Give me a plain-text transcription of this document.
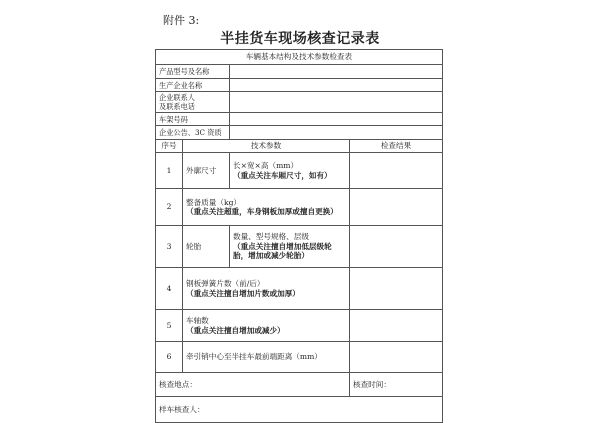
附件 3:
半挂货车现场核查记录表
车辆基本结构及技术参数检查表			
产品型号及名称			
生产企业名称			

企业联系人
及联系电话			

车架号码			
企业公告、3C 资质			
序号	技术参数		检查结果
1	外廓尺寸	长×宽×高（mm）
（重点关注车厢尺寸，如有）	

2	整备质量（kg）
（重点关注超重，车身钢板加厚或擅自更换）		

3	轮胎	数量、型号规格、层级
（重点关注擅自增加低层级轮胎，增加或减少轮胎）	

4	钢板弹簧片数（前/后）
（重点关注擅自增加片数或加厚）		

5	车轴数
（重点关注擅自增加或减少）		

6	牵引销中心至半挂车最前端距离（mm）		

核查地点：			核查时间：
样车核查人：			
